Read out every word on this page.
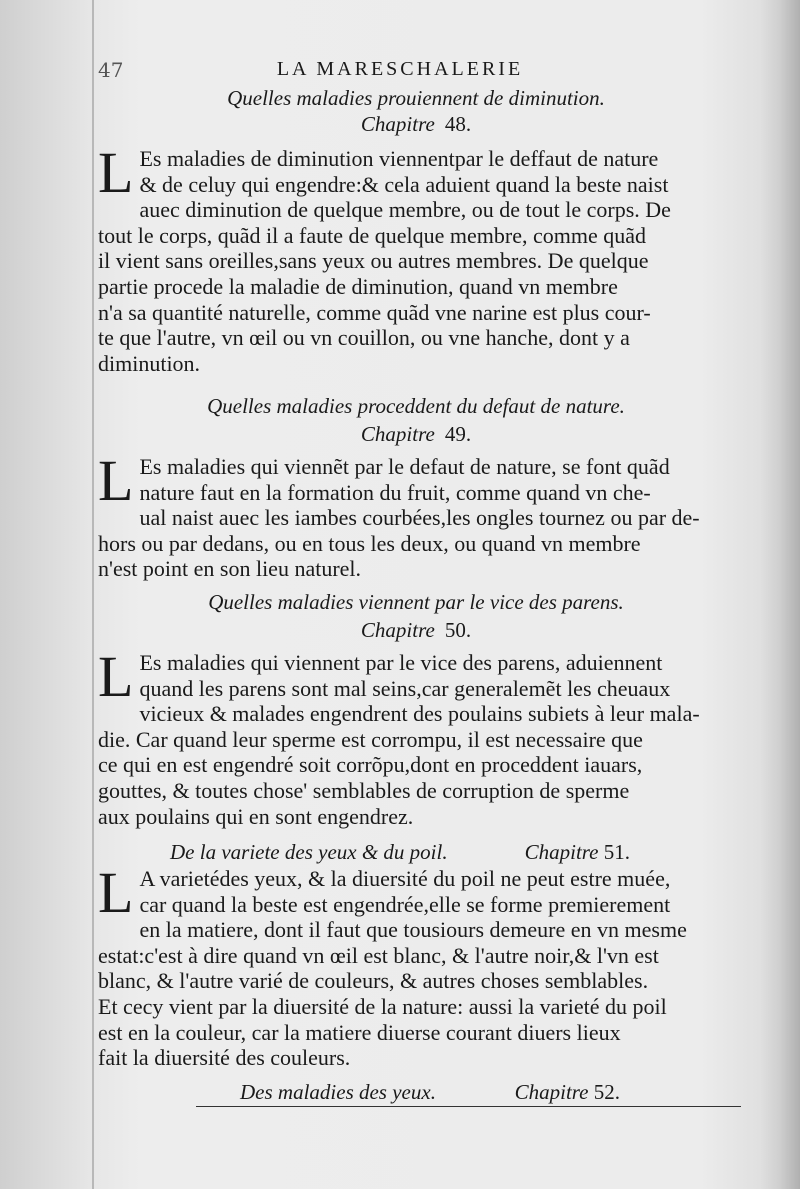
47	LA MARESCHALERIE
Quelles maladies prouiennent de diminution.
Chapitre 48.
L Es maladies de diminution viennentpar le deffaut de nature
& de celuy qui engendre:& cela aduient quand la beste naist
auec diminution de quelque membre, ou de tout le corps. De
tout le corps, quãd il a faute de quelque membre, comme quãd
il vient sans oreilles,sans yeux ou autres membres. De quelque
partie procede la maladie de diminution, quand vn membre
n'a sa quantité naturelle, comme quãd vne narine est plus cour-
te que l'autre, vn œil ou vn couillon, ou vne hanche, dont y a
diminution.
Quelles maladies proceddent du defaut de nature.
Chapitre 49.
L Es maladies qui viennẽt par le defaut de nature, se font quãd
nature faut en la formation du fruit, comme quand vn che-
ual naist auec les iambes courbées,les ongles tournez ou par de-
hors ou par dedans, ou en tous les deux, ou quand vn membre
n'est point en son lieu naturel.
Quelles maladies viennent par le vice des parens.
Chapitre 50.
L Es maladies qui viennent par le vice des parens, aduiennent
quand les parens sont mal seins,car generalemẽt les cheuaux
vicieux & malades engendrent des poulains subiets à leur mala-
die. Car quand leur sperme est corrompu, il est necessaire que
ce qui en est engendré soit corrõpu,dont en proceddent iauars,
gouttes, & toutes chose' semblables de corruption de sperme
aux poulains qui en sont engendrez.
De la variete des yeux & du poil.	Chapitre 51.
L A varietédes yeux, & la diuersité du poil ne peut estre muée,
car quand la beste est engendrée,elle se forme premierement
en la matiere, dont il faut que tousiours demeure en vn mesme
estat:c'est à dire quand vn œil est blanc, & l'autre noir,& l'vn est
blanc, & l'autre varié de couleurs, & autres choses semblables.
Et cecy vient par la diuersité de la nature: aussi la varieté du poil
est en la couleur, car la matiere diuerse courant diuers lieux
fait la diuersité des couleurs.
Des maladies des yeux.	Chapitre 52.
